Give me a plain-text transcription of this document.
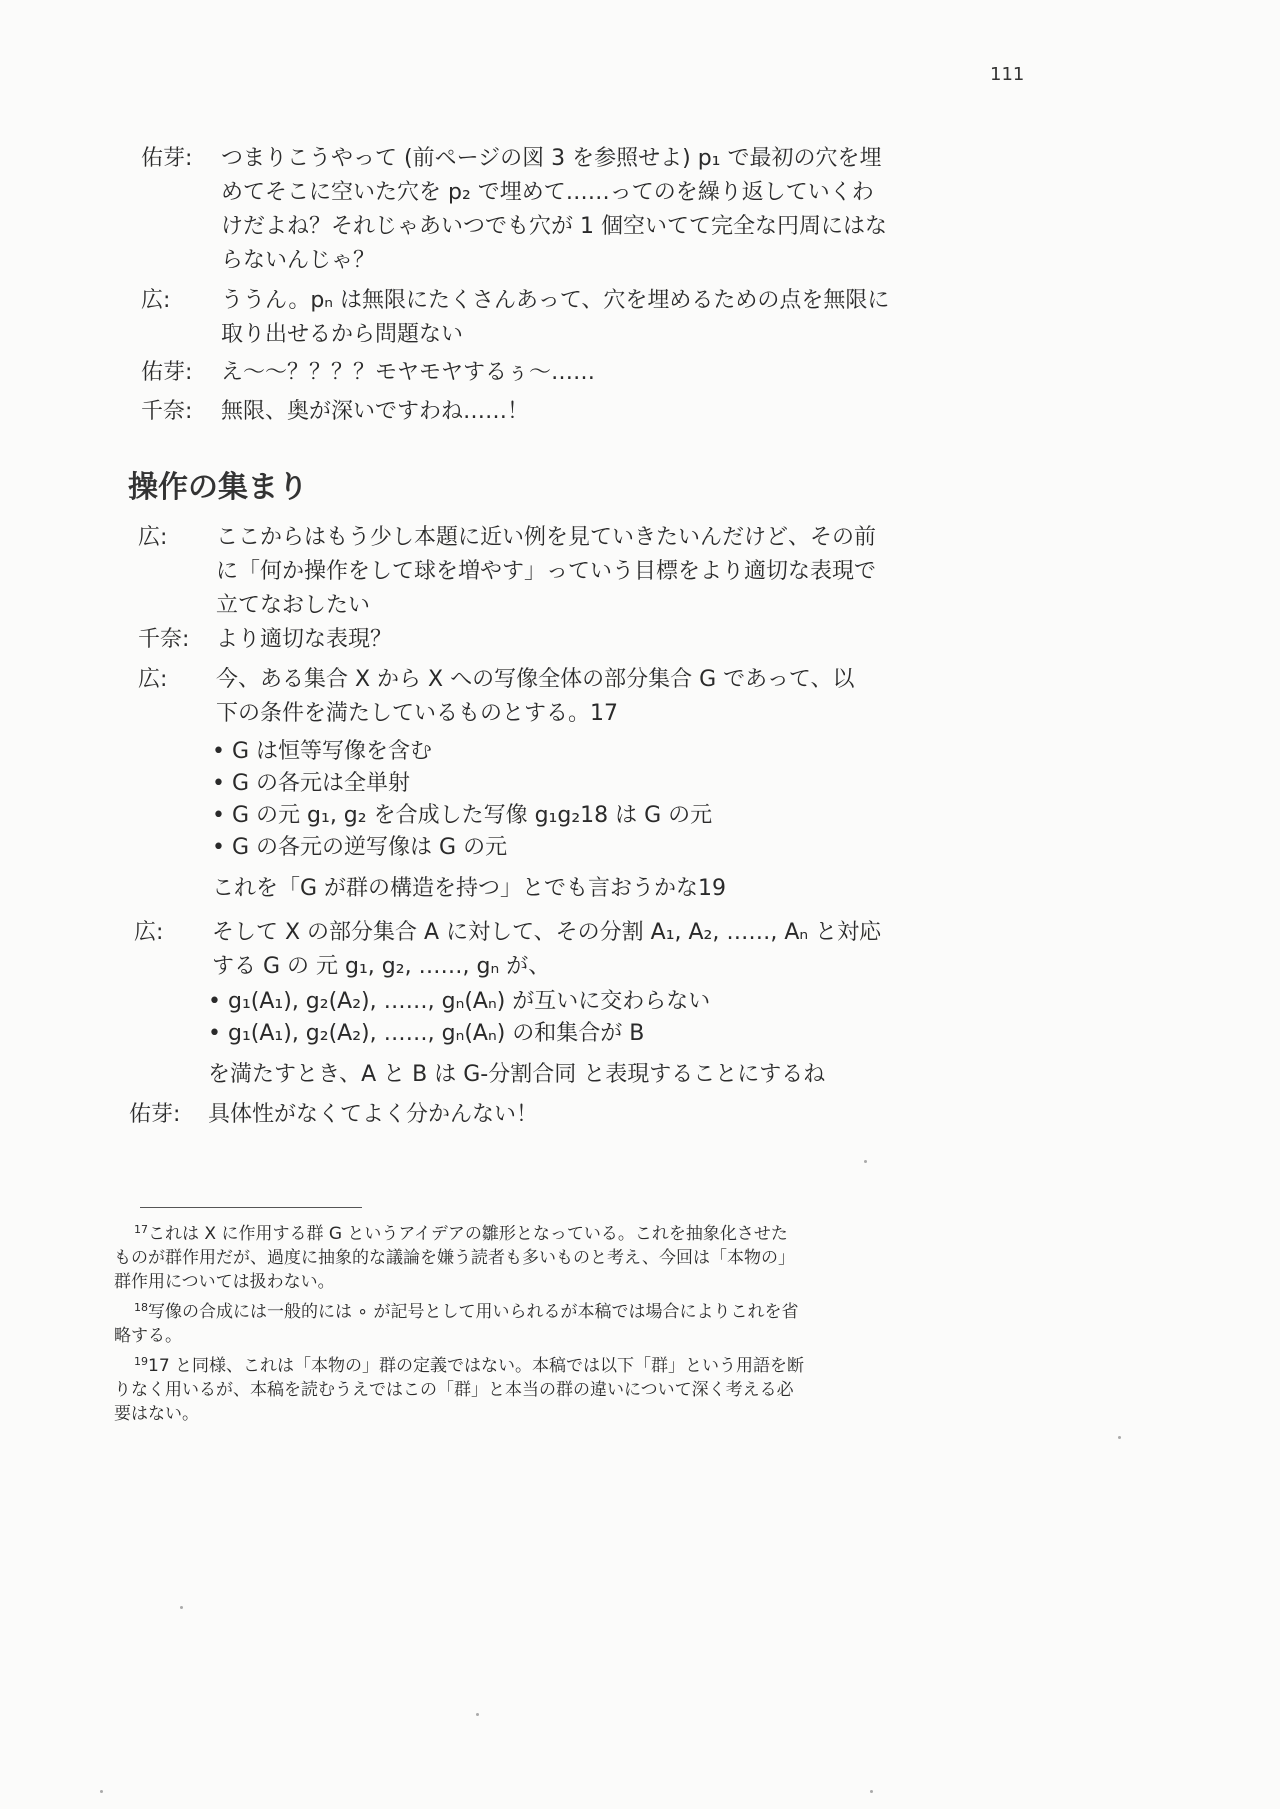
111
佑芽: つまりこうやって (前ページの図 3 を参照せよ) p₁ で最初の穴を埋
めてそこに空いた穴を p₂ で埋めて……ってのを繰り返していくわ
けだよね？それじゃあいつでも穴が 1 個空いてて完全な円周にはな
らないんじゃ？
広: ううん。pₙ は無限にたくさんあって、穴を埋めるための点を無限に
取り出せるから問題ない
佑芽: え〜〜？？？？モヤモヤするぅ〜……
千奈: 無限、奥が深いですわね……！
操作の集まり
広: ここからはもう少し本題に近い例を見ていきたいんだけど、その前
に「何か操作をして球を増やす」っていう目標をより適切な表現で
立てなおしたい
千奈: より適切な表現？
広: 今、ある集合 X から X への写像全体の部分集合 G であって、以
下の条件を満たしているものとする。17
• G は恒等写像を含む
• G の各元は全単射
• G の元 g₁, g₂ を合成した写像 g₁g₂18 は G の元
• G の各元の逆写像は G の元
これを「G が群の構造を持つ」とでも言おうかな19
広: そして X の部分集合 A に対して、その分割 A₁, A₂, ……, Aₙ と対応
する G の 元 g₁, g₂, ……, gₙ が、
• g₁(A₁), g₂(A₂), ……, gₙ(Aₙ) が互いに交わらない
• g₁(A₁), g₂(A₂), ……, gₙ(Aₙ) の和集合が B
を満たすとき、A と B は G-分割合同 と表現することにするね
佑芽: 具体性がなくてよく分かんない！
$^{17}$これは X に作用する群 G というアイデアの雛形となっている。これを抽象化させた
ものが群作用だが、過度に抽象的な議論を嫌う読者も多いものと考え、今回は「本物の」
群作用については扱わない。
$^{18}$写像の合成には一般的には ∘ が記号として用いられるが本稿では場合によりこれを省
略する。
$^{19}$17 と同様、これは「本物の」群の定義ではない。本稿では以下「群」という用語を断
りなく用いるが、本稿を読むうえではこの「群」と本当の群の違いについて深く考える必
要はない。
